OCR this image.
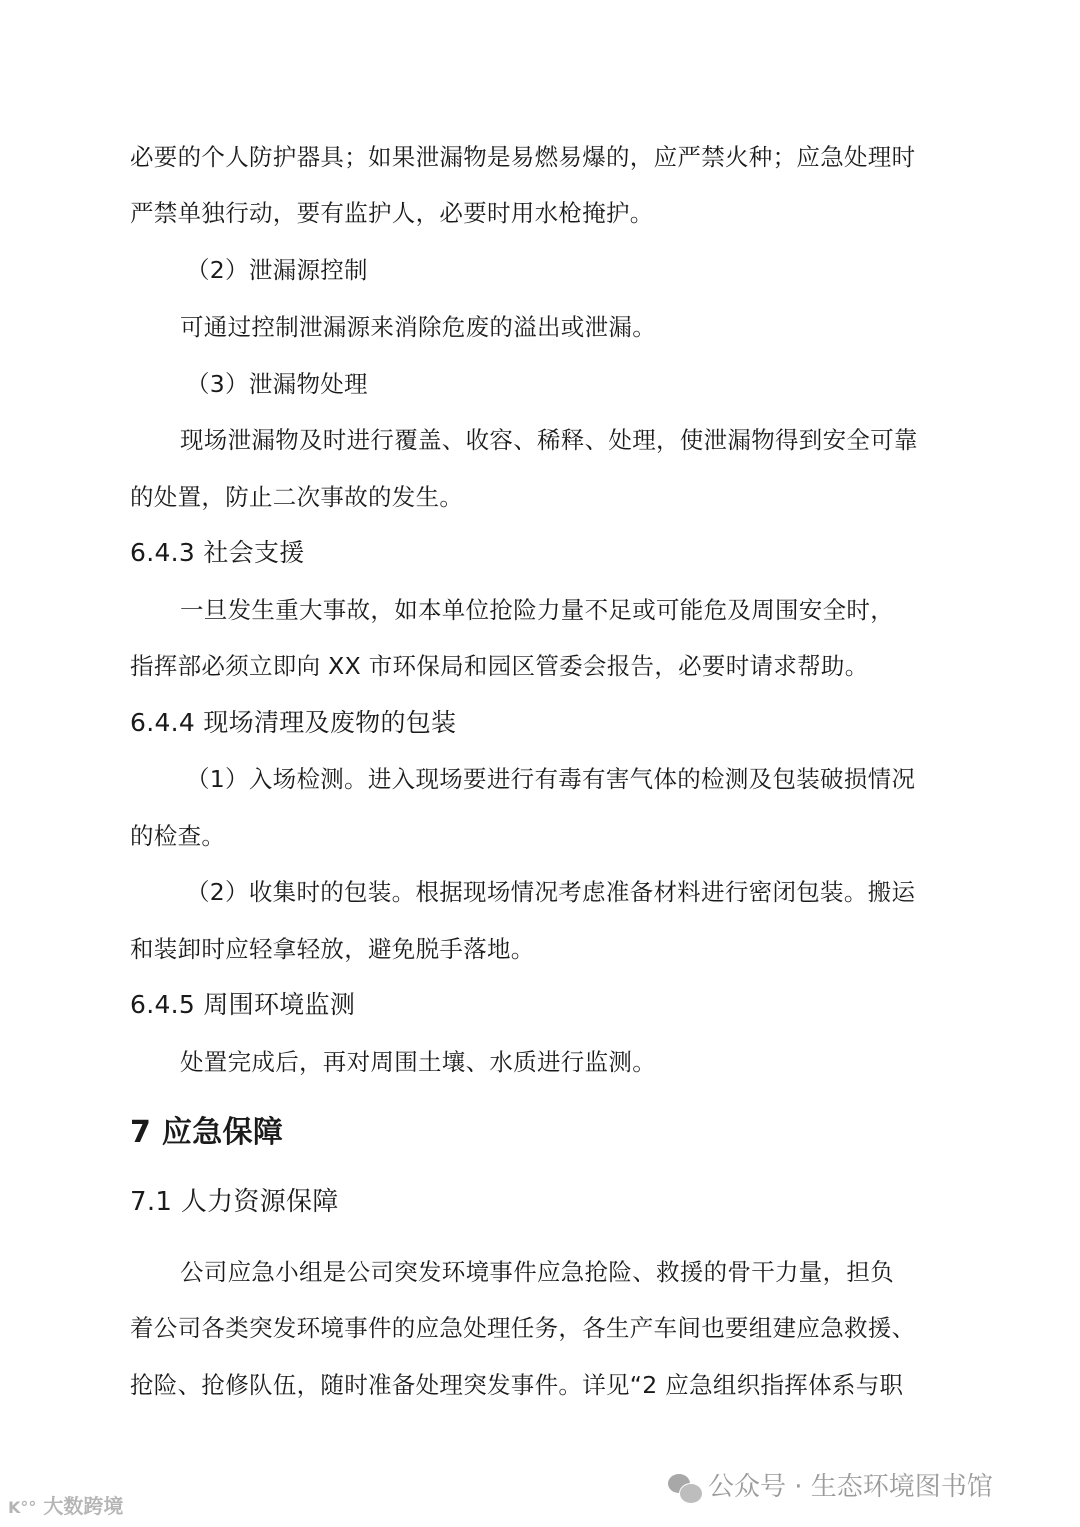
必要的个人防护器具；如果泄漏物是易燃易爆的，应严禁火种；应急处理时
严禁单独行动，要有监护人，必要时用水枪掩护。
（2）泄漏源控制
可通过控制泄漏源来消除危废的溢出或泄漏。
（3）泄漏物处理
现场泄漏物及时进行覆盖、收容、稀释、处理，使泄漏物得到安全可靠
的处置，防止二次事故的发生。
6.4.3 社会支援
一旦发生重大事故，如本单位抢险力量不足或可能危及周围安全时，
指挥部必须立即向 XX 市环保局和园区管委会报告，必要时请求帮助。
6.4.4 现场清理及废物的包装
（1）入场检测。进入现场要进行有毒有害气体的检测及包装破损情况
的检查。
（2）收集时的包装。根据现场情况考虑准备材料进行密闭包装。搬运
和装卸时应轻拿轻放，避免脱手落地。
6.4.5 周围环境监测
处置完成后，再对周围土壤、水质进行监测。
7 应急保障
7.1 人力资源保障
公司应急小组是公司突发环境事件应急抢险、救援的骨干力量，担负
着公司各类突发环境事件的应急处理任务，各生产车间也要组建应急救援、
抢险、抢修队伍，随时准备处理突发事件。详见“2 应急组织指挥体系与职
公众号 · 生态环境图书馆
K°° 大数跨境
